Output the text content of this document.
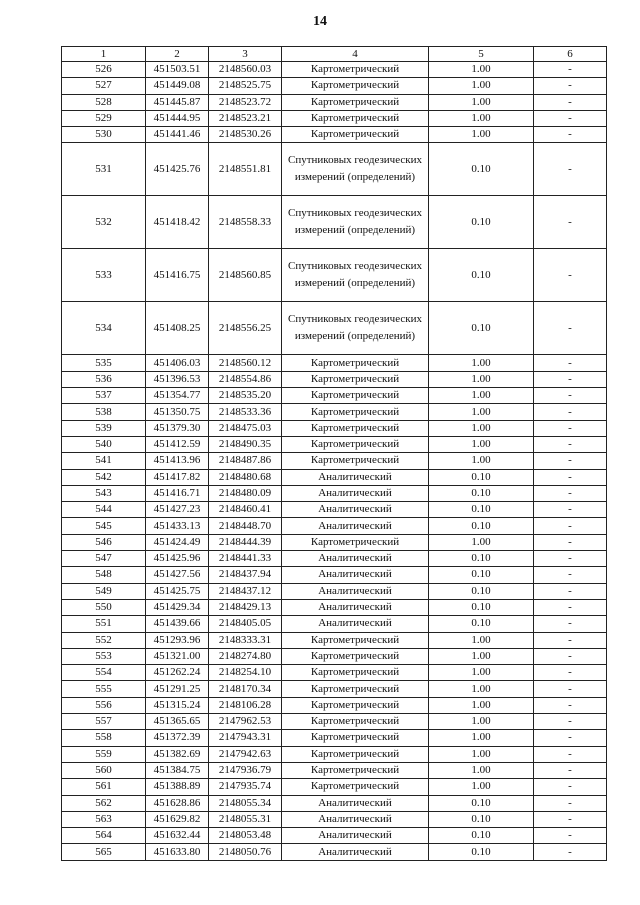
14
1	2	3	4	5	6
526	451503.51	2148560.03	Картометрический	1.00	-
527	451449.08	2148525.75	Картометрический	1.00	-
528	451445.87	2148523.72	Картометрический	1.00	-
529	451444.95	2148523.21	Картометрический	1.00	-
530	451441.46	2148530.26	Картометрический	1.00	-
531	451425.76	2148551.81	Спутниковых геодезических измерений (определений)	0.10	-
532	451418.42	2148558.33	Спутниковых геодезических измерений (определений)	0.10	-
533	451416.75	2148560.85	Спутниковых геодезических измерений (определений)	0.10	-
534	451408.25	2148556.25	Спутниковых геодезических измерений (определений)	0.10	-
535	451406.03	2148560.12	Картометрический	1.00	-
536	451396.53	2148554.86	Картометрический	1.00	-
537	451354.77	2148535.20	Картометрический	1.00	-
538	451350.75	2148533.36	Картометрический	1.00	-
539	451379.30	2148475.03	Картометрический	1.00	-
540	451412.59	2148490.35	Картометрический	1.00	-
541	451413.96	2148487.86	Картометрический	1.00	-
542	451417.82	2148480.68	Аналитический	0.10	-
543	451416.71	2148480.09	Аналитический	0.10	-
544	451427.23	2148460.41	Аналитический	0.10	-
545	451433.13	2148448.70	Аналитический	0.10	-
546	451424.49	2148444.39	Картометрический	1.00	-
547	451425.96	2148441.33	Аналитический	0.10	-
548	451427.56	2148437.94	Аналитический	0.10	-
549	451425.75	2148437.12	Аналитический	0.10	-
550	451429.34	2148429.13	Аналитический	0.10	-
551	451439.66	2148405.05	Аналитический	0.10	-
552	451293.96	2148333.31	Картометрический	1.00	-
553	451321.00	2148274.80	Картометрический	1.00	-
554	451262.24	2148254.10	Картометрический	1.00	-
555	451291.25	2148170.34	Картометрический	1.00	-
556	451315.24	2148106.28	Картометрический	1.00	-
557	451365.65	2147962.53	Картометрический	1.00	-
558	451372.39	2147943.31	Картометрический	1.00	-
559	451382.69	2147942.63	Картометрический	1.00	-
560	451384.75	2147936.79	Картометрический	1.00	-
561	451388.89	2147935.74	Картометрический	1.00	-
562	451628.86	2148055.34	Аналитический	0.10	-
563	451629.82	2148055.31	Аналитический	0.10	-
564	451632.44	2148053.48	Аналитический	0.10	-
565	451633.80	2148050.76	Аналитический	0.10	-
